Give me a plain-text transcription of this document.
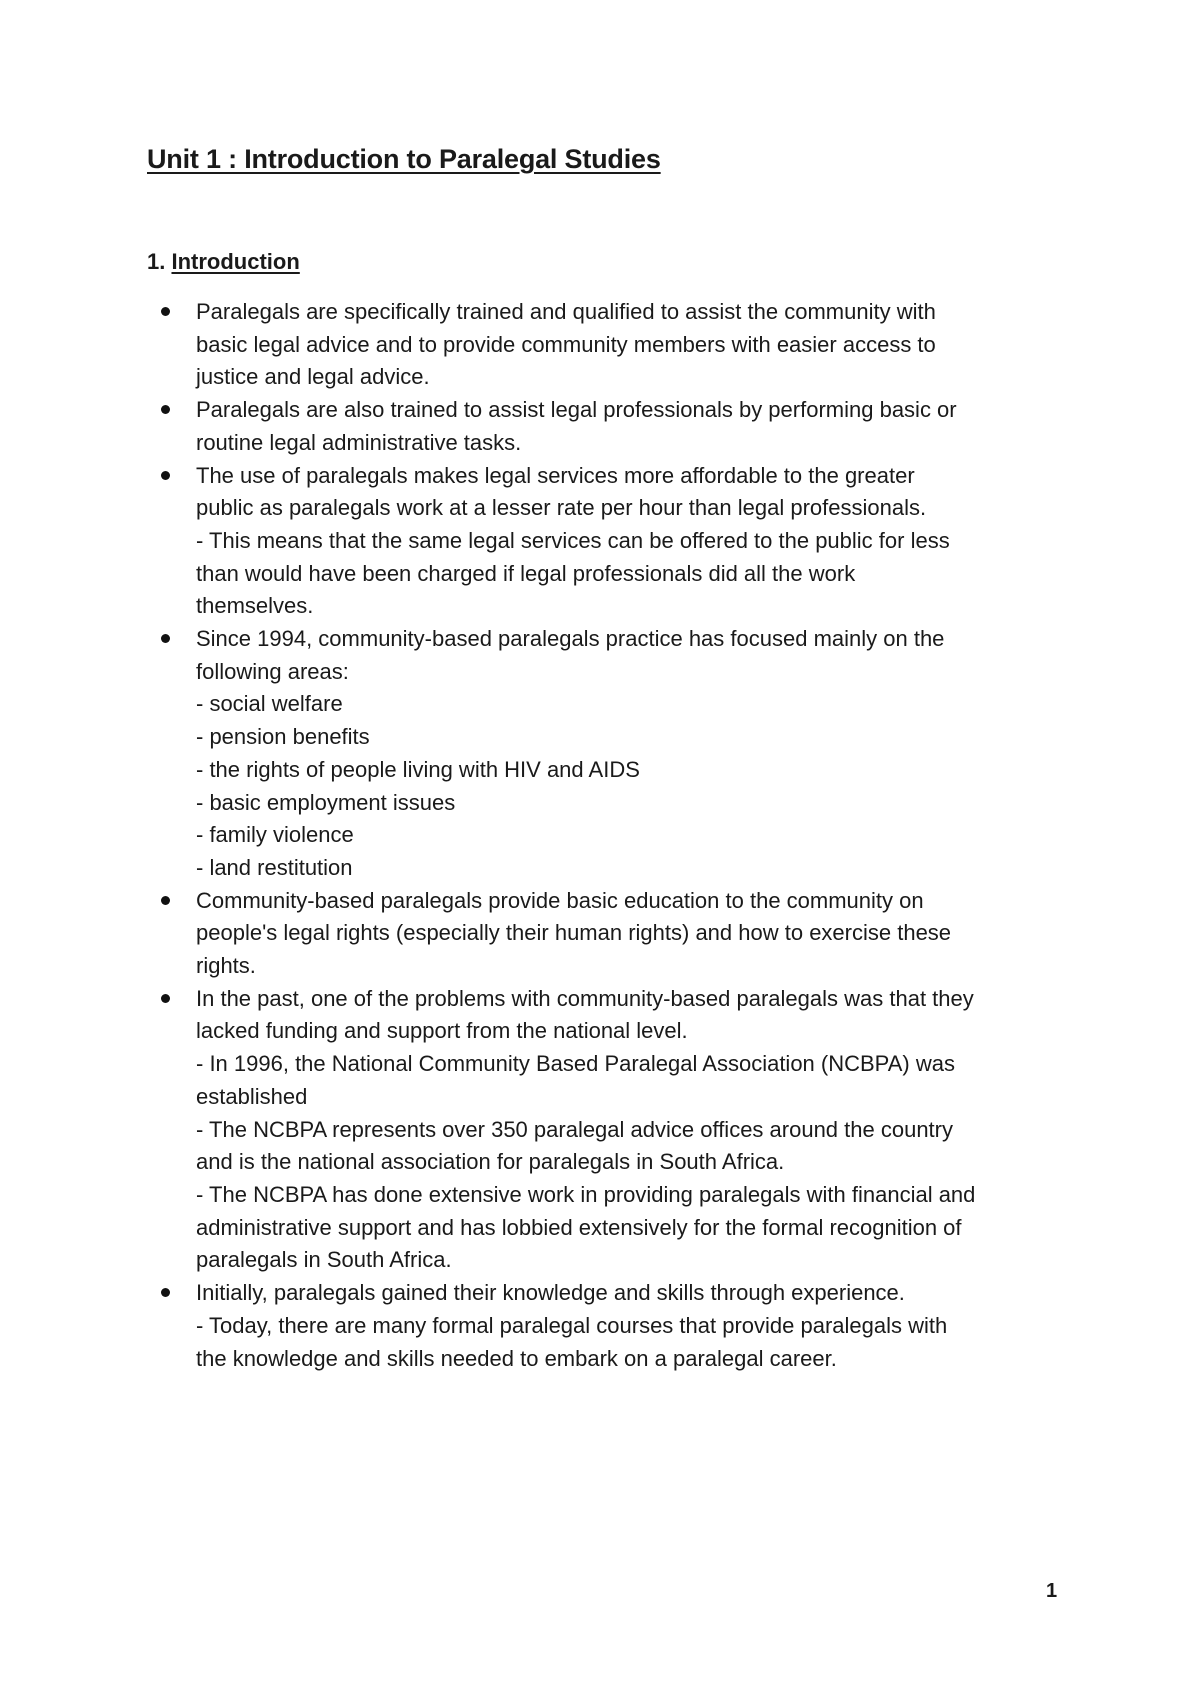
Unit 1 : Introduction to Paralegal Studies
1. Introduction
Paralegals are specifically trained and qualified to assist the community with
basic legal advice and to provide community members with easier access to
justice and legal advice.
Paralegals are also trained to assist legal professionals by performing basic or
routine legal administrative tasks.
The use of paralegals makes legal services more affordable to the greater
public as paralegals work at a lesser rate per hour than legal professionals.
- This means that the same legal services can be offered to the public for less
than would have been charged if legal professionals did all the work
themselves.
Since 1994, community-based paralegals practice has focused mainly on the
following areas:
- social welfare
- pension benefits
- the rights of people living with HIV and AIDS
- basic employment issues
- family violence
- land restitution
Community-based paralegals provide basic education to the community on
people's legal rights (especially their human rights) and how to exercise these
rights.
In the past, one of the problems with community-based paralegals was that they
lacked funding and support from the national level.
- In 1996, the National Community Based Paralegal Association (NCBPA) was
established
- The NCBPA represents over 350 paralegal advice offices around the country
and is the national association for paralegals in South Africa.
- The NCBPA has done extensive work in providing paralegals with financial and
administrative support and has lobbied extensively for the formal recognition of
paralegals in South Africa.
Initially, paralegals gained their knowledge and skills through experience.
- Today, there are many formal paralegal courses that provide paralegals with
the knowledge and skills needed to embark on a paralegal career.
1
